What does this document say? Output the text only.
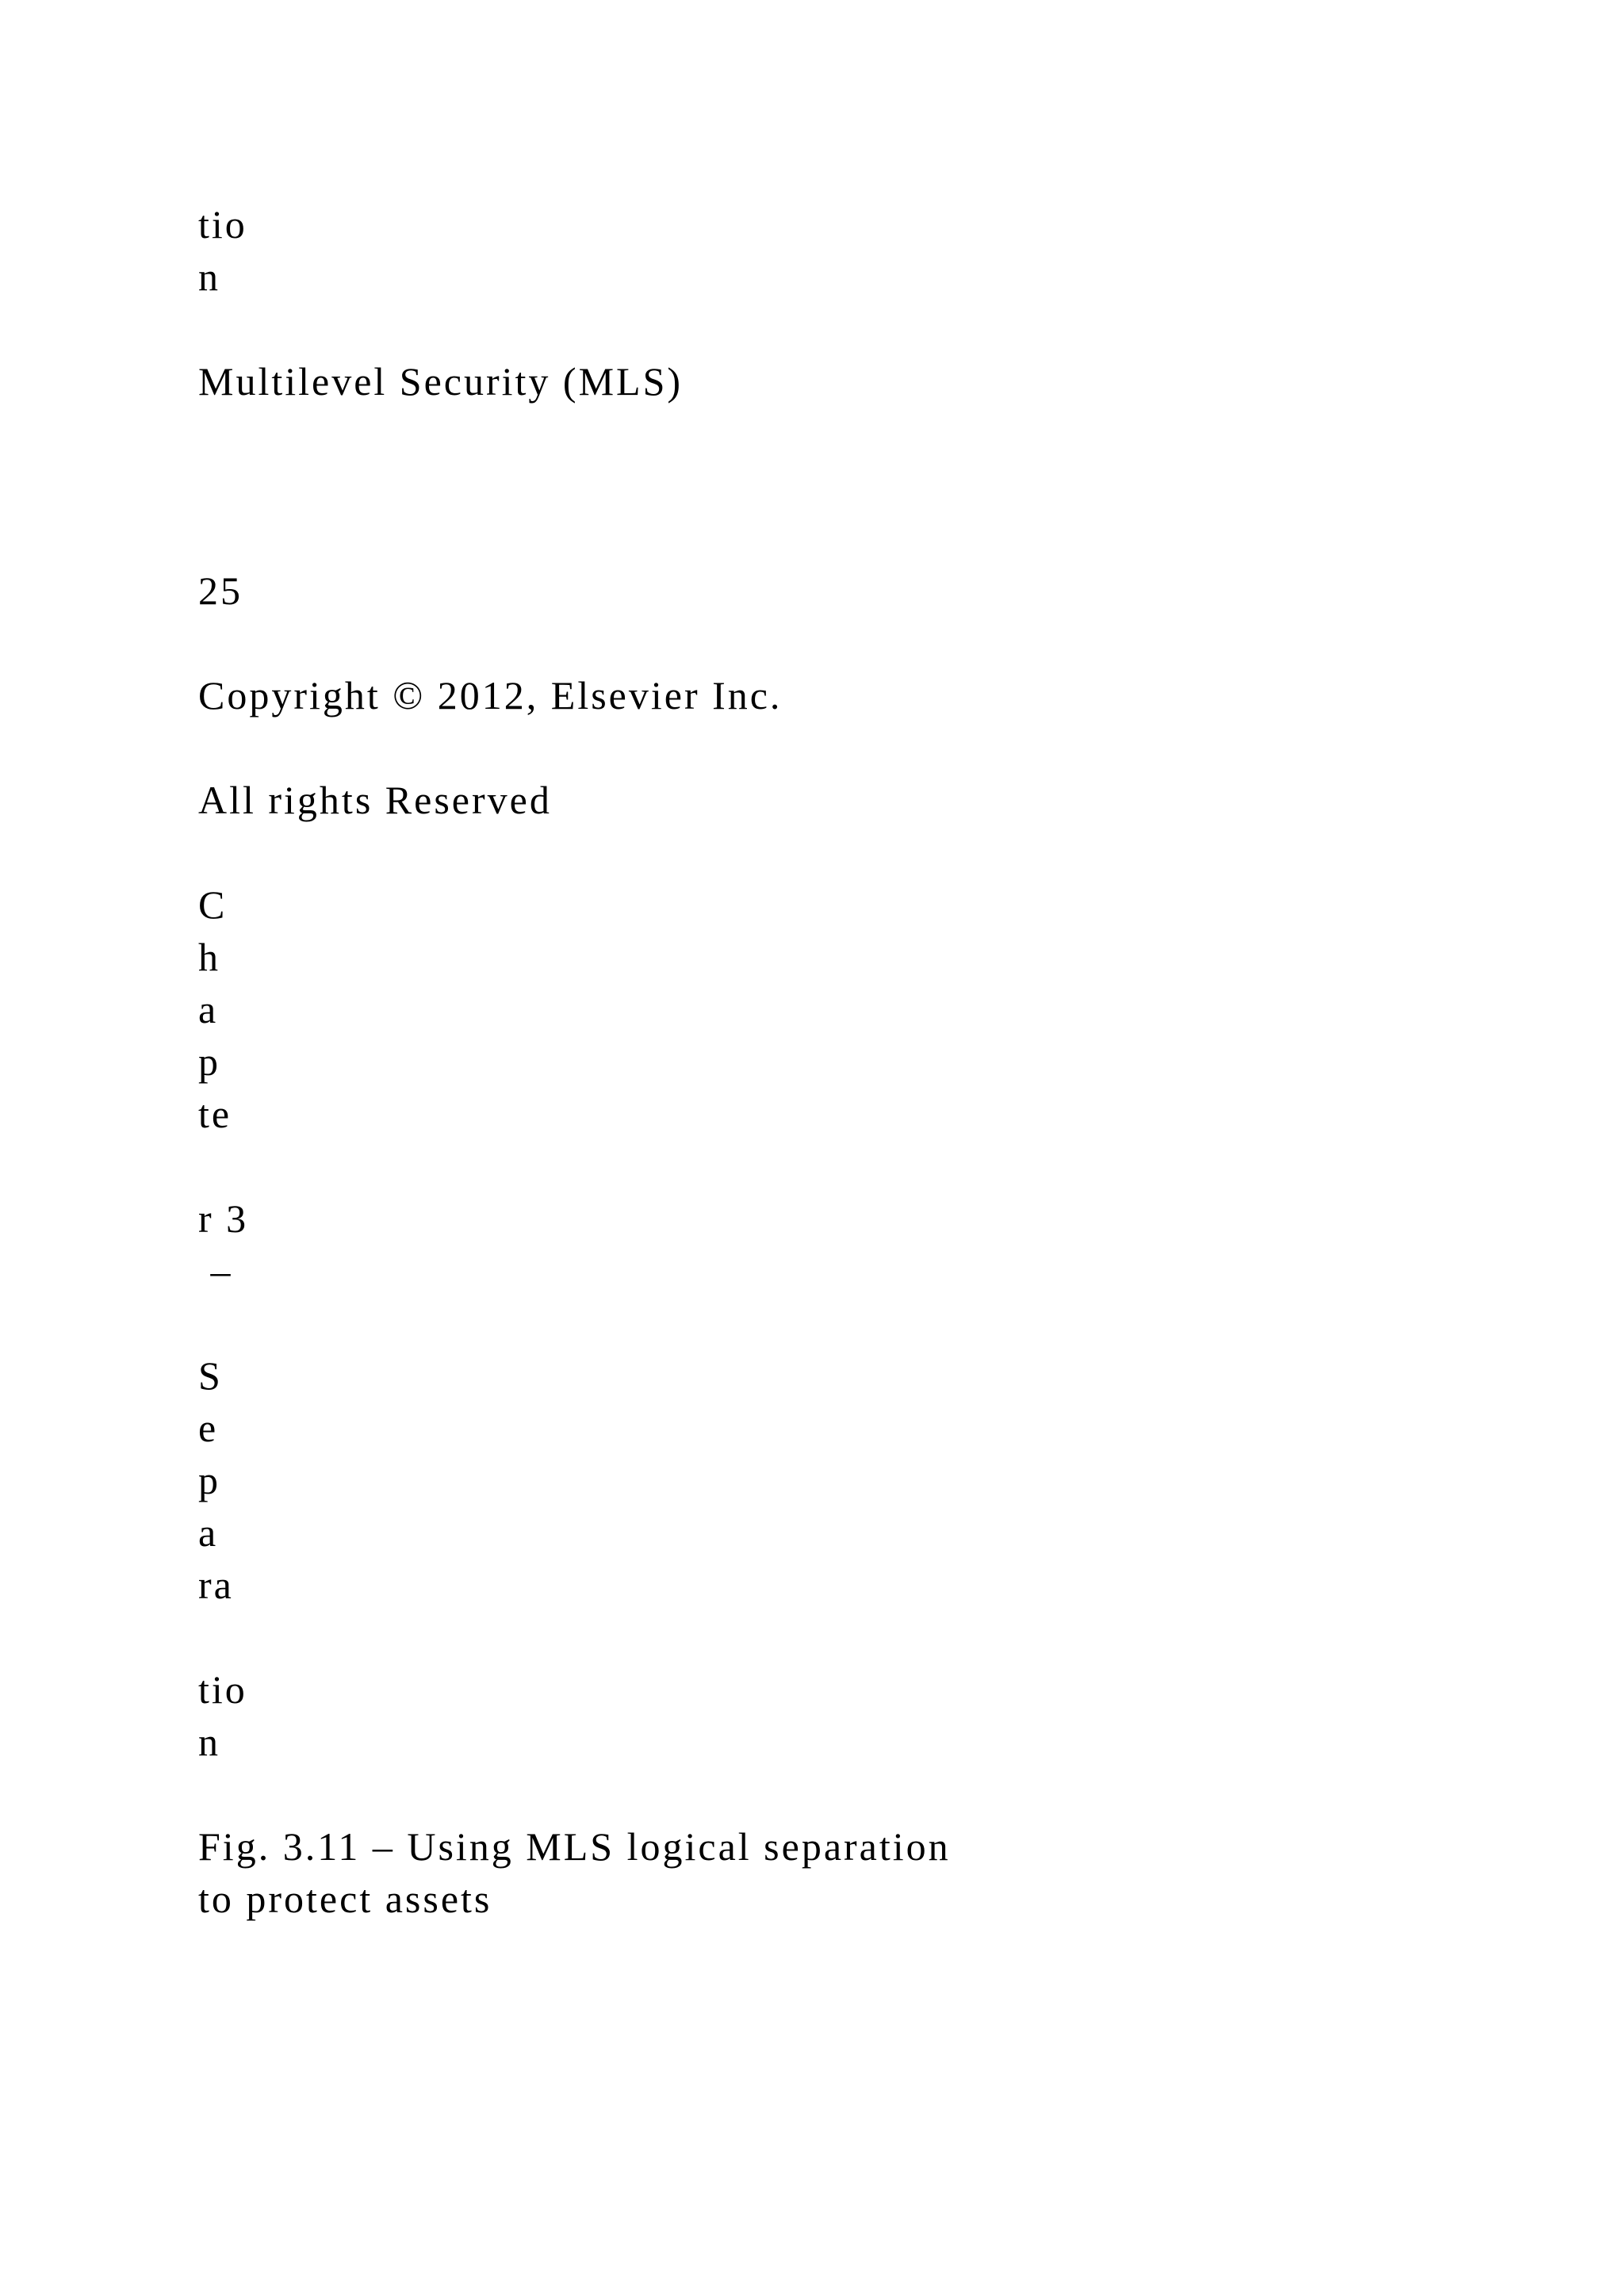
tio
n
Multilevel Security (MLS)
25
Copyright © 2012, Elsevier Inc.
All rights Reserved
C
h
a
p
te
r 3
–
S
e
p
a
ra
tio
n
Fig. 3.11 – Using MLS logical separation
to protect assets
